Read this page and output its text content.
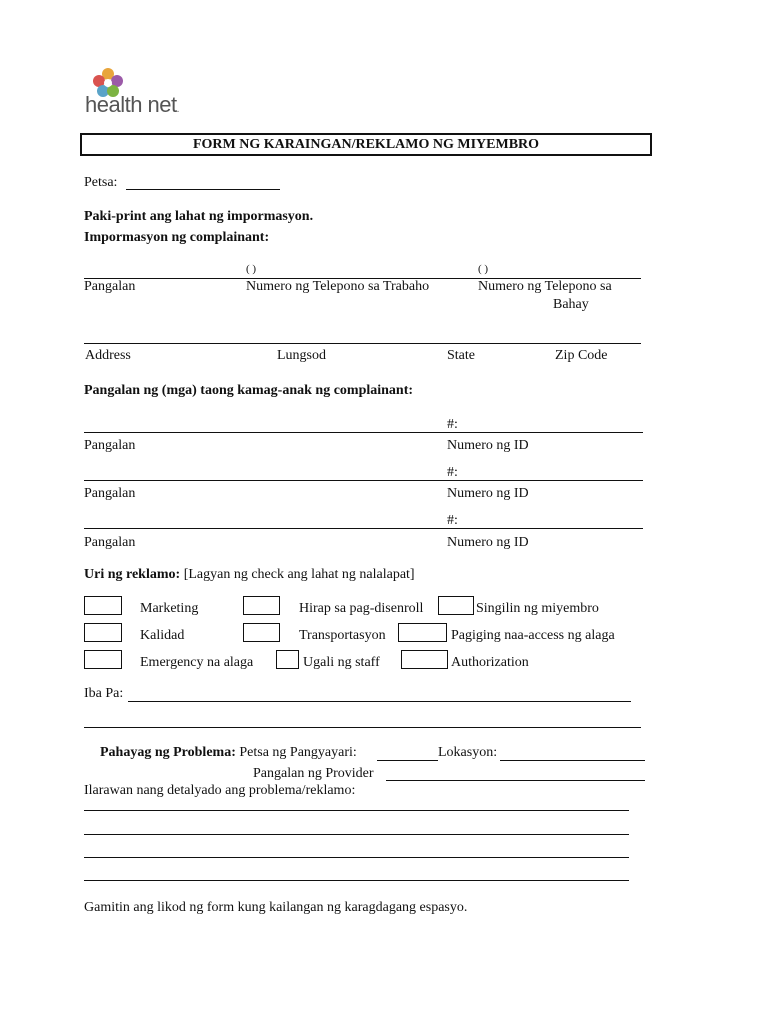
health net.
FORM NG KARAINGAN/REKLAMO NG MIYEMBRO
Petsa:
Paki-print ang lahat ng impormasyon.
Impormasyon ng complainant:
( )	( )
Pangalan	Numero ng Telepono sa Trabaho	Numero ng Telepono sa
Bahay
Address	Lungsod	State	Zip Code
Pangalan ng (mga) taong kamag-anak ng complainant:
#:
Pangalan	Numero ng ID
#:
Pangalan	Numero ng ID
#:
Pangalan	Numero ng ID
Uri ng reklamo: [Lagyan ng check ang lahat ng nalalapat]
Marketing	Hirap sa pag-disenroll	Singilin ng miyembro
Kalidad	Transportasyon	Pagiging naa-access ng alaga
Emergency na alaga	Ugali ng staff	Authorization
Iba Pa:
Pahayag ng Problema: Petsa ng Pangyayari:	Lokasyon:
Pangalan ng Provider
Ilarawan nang detalyado ang problema/reklamo:
Gamitin ang likod ng form kung kailangan ng karagdagang espasyo.
